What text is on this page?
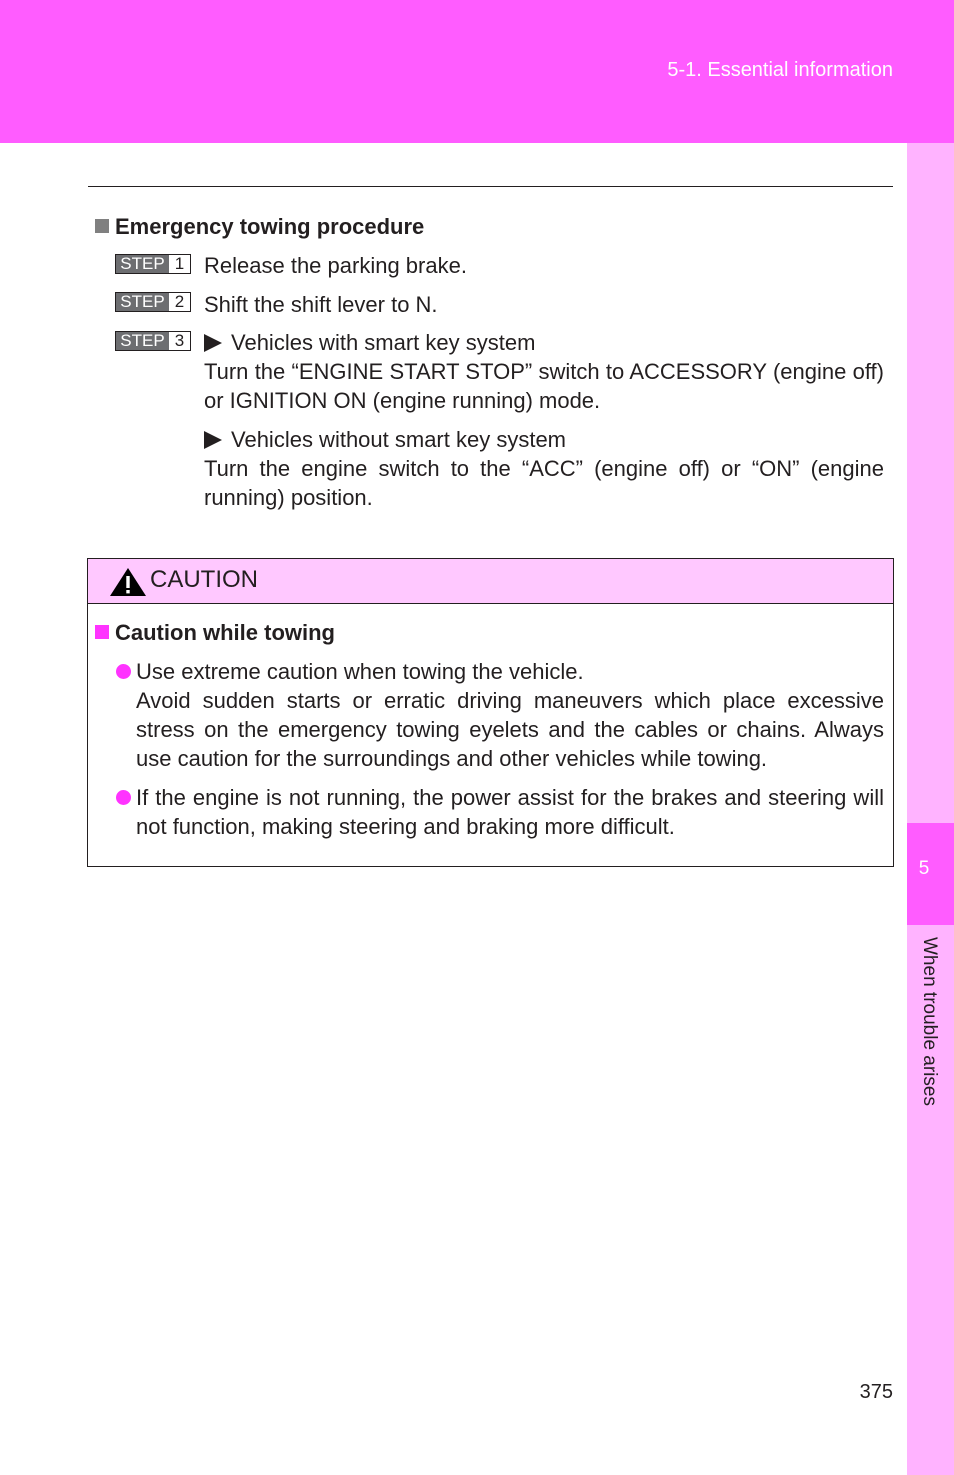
5-1. Essential information
5
When trouble arises
Emergency towing procedure
STEP 1 Release the parking brake.
STEP 2 Shift the shift lever to N.
STEP 3	Vehicles with smart key system
Turn the “ENGINE START STOP” switch to ACCESSORY (engine off) or IGNITION ON (engine running) mode.
Vehicles without smart key system
Turn the engine switch to the “ACC” (engine off) or “ON” (engine running) position.
CAUTION
Caution while towing
Use extreme caution when towing the vehicle.
Avoid sudden starts or erratic driving maneuvers which place excessive stress on the emergency towing eyelets and the cables or chains. Always use caution for the surroundings and other vehicles while towing.
If the engine is not running, the power assist for the brakes and steering will not function, making steering and braking more difficult.
375
